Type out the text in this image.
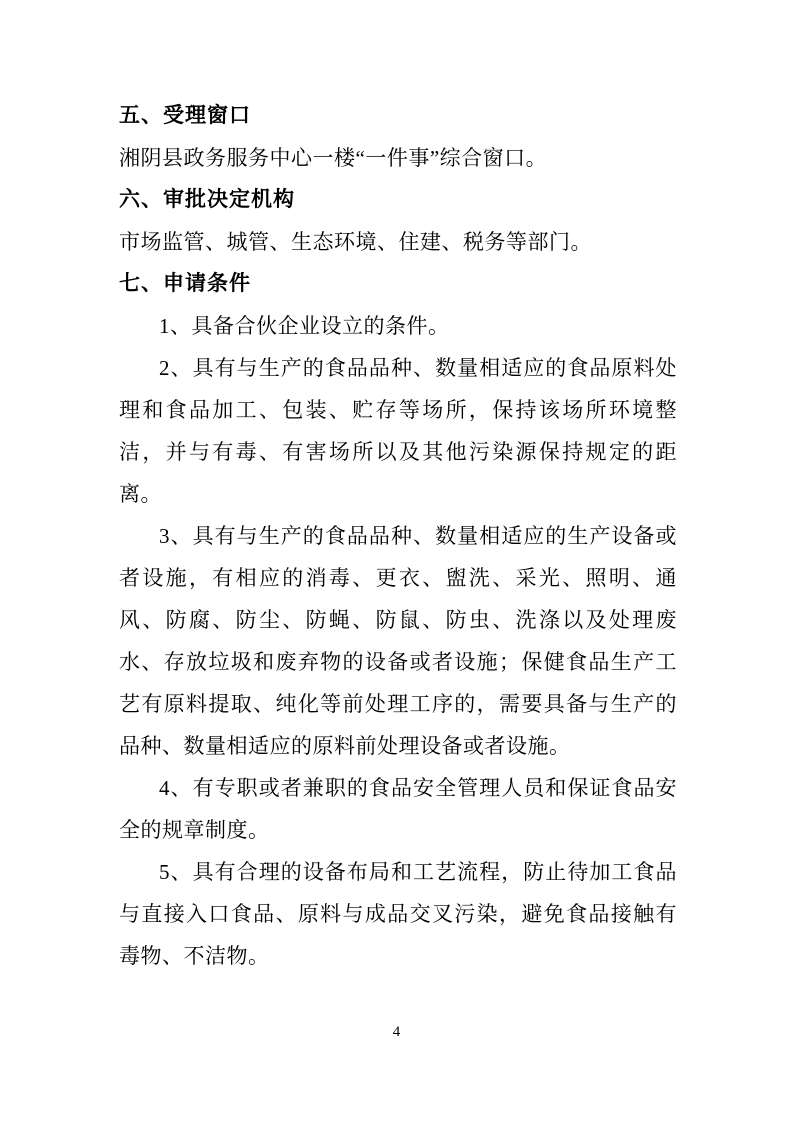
五、受理窗口

湘阴县政务服务中心一楼“一件事”综合窗口。

六、审批决定机构

市场监管、城管、生态环境、住建、税务等部门。

七、申请条件

1、具备合伙企业设立的条件。

2、具有与生产的食品品种、数量相适应的食品原料处理和食品加工、包装、贮存等场所，保持该场所环境整洁，并与有毒、有害场所以及其他污染源保持规定的距离。

3、具有与生产的食品品种、数量相适应的生产设备或者设施，有相应的消毒、更衣、盥洗、采光、照明、通风、防腐、防尘、防蝇、防鼠、防虫、洗涤以及处理废水、存放垃圾和废弃物的设备或者设施；保健食品生产工艺有原料提取、纯化等前处理工序的，需要具备与生产的品种、数量相适应的原料前处理设备或者设施。

4、有专职或者兼职的食品安全管理人员和保证食品安全的规章制度。

5、具有合理的设备布局和工艺流程，防止待加工食品与直接入口食品、原料与成品交叉污染，避免食品接触有毒物、不洁物。

4
